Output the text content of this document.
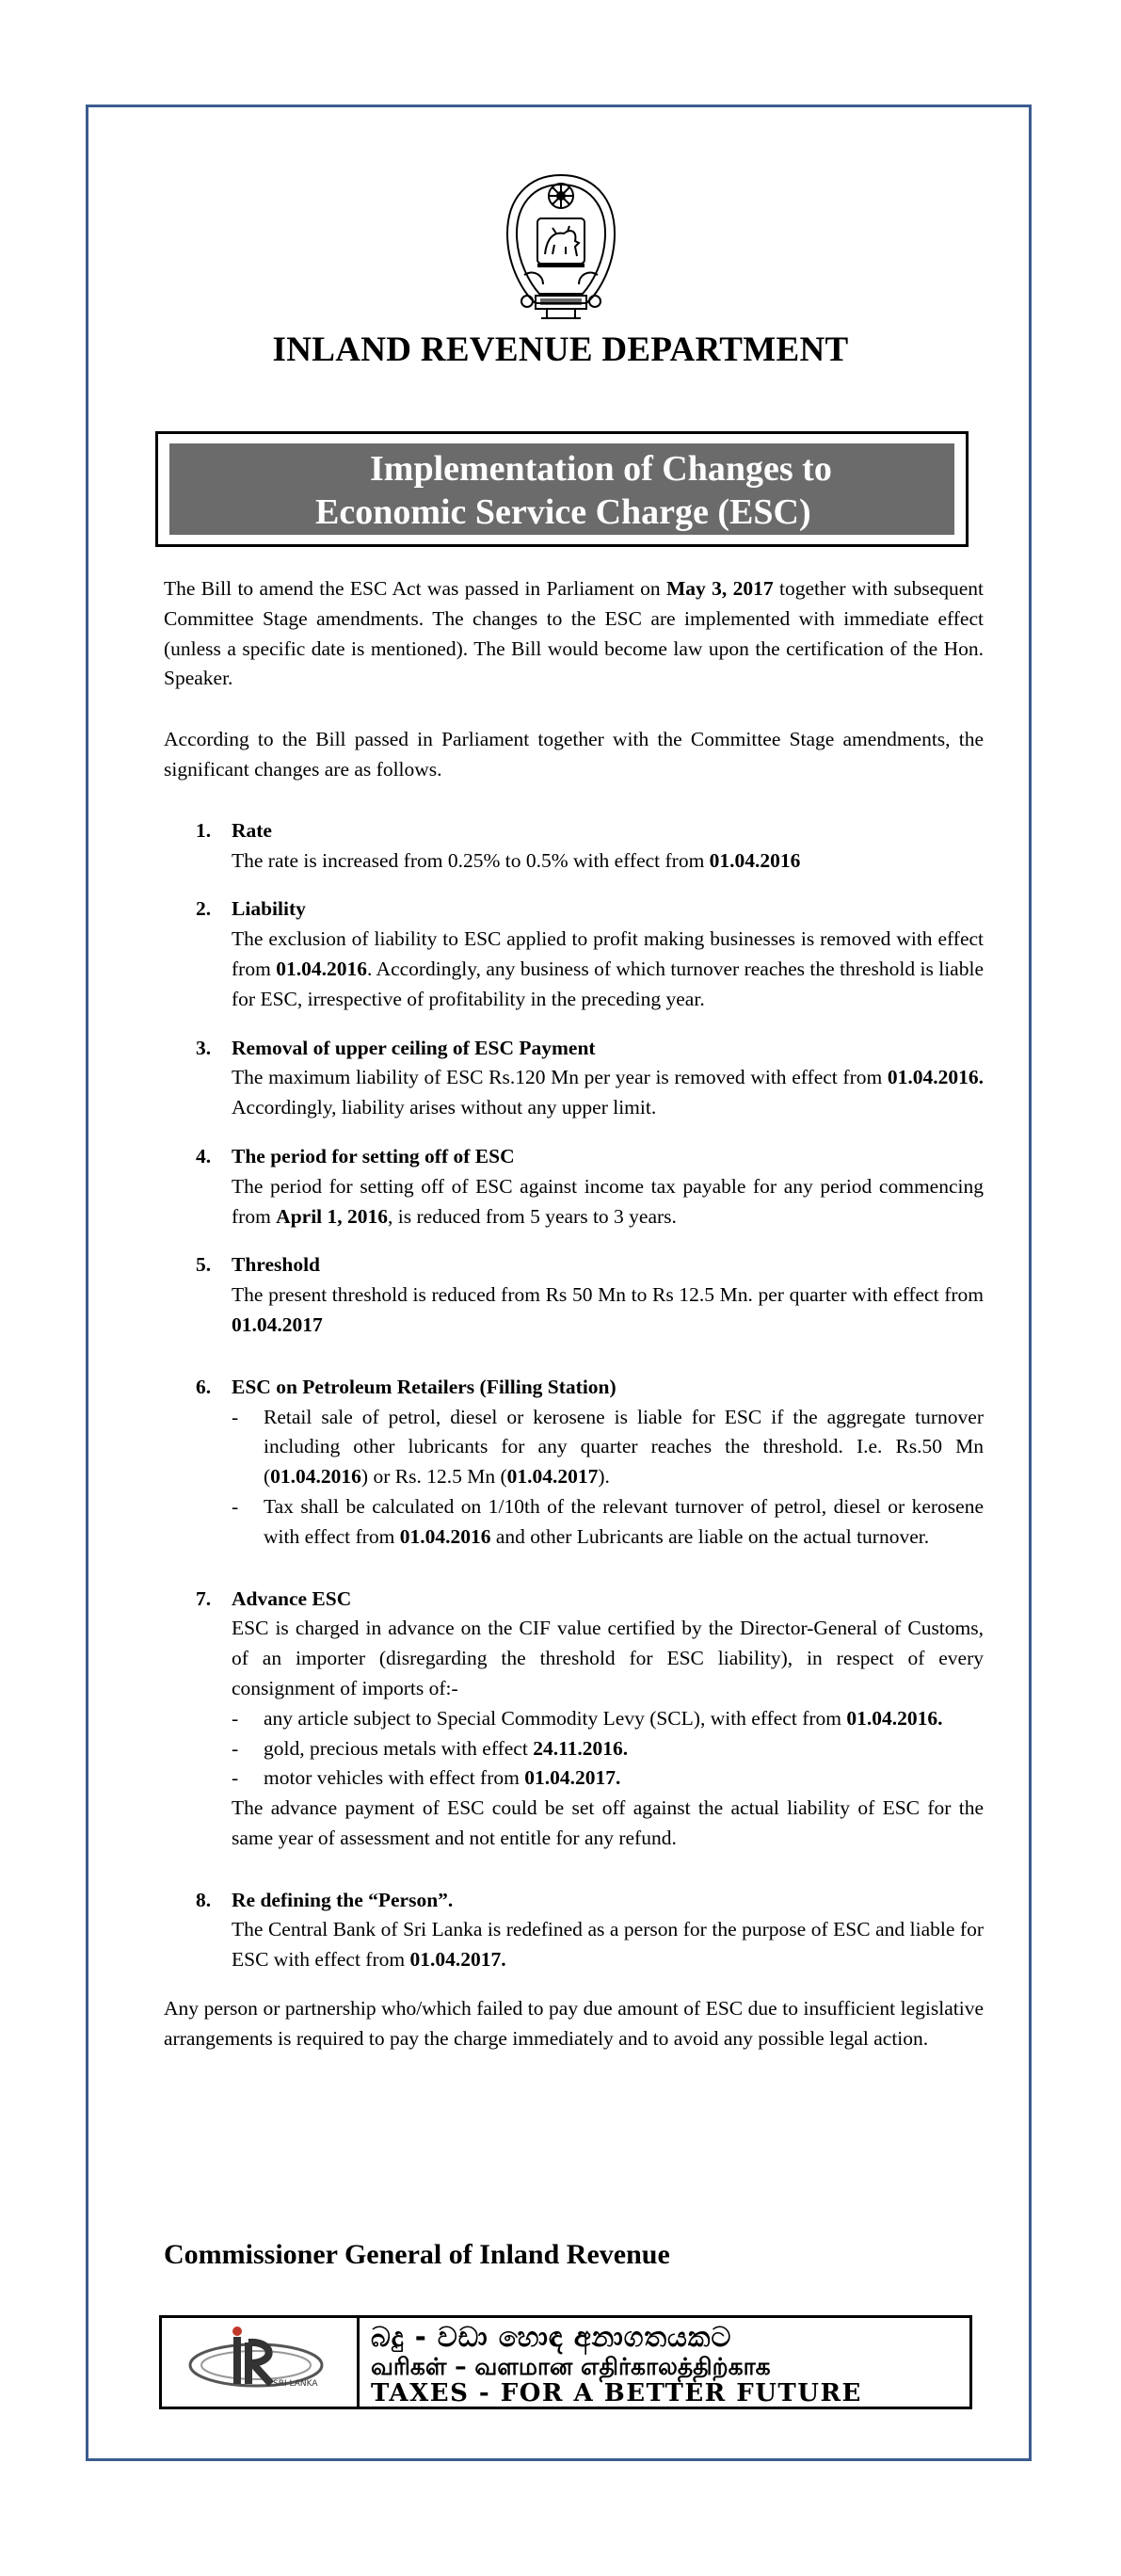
INLAND REVENUE DEPARTMENT
Implementation of Changes to
Economic Service Charge (ESC)

The Bill to amend the ESC Act was passed in Parliament on May 3, 2017 together with subsequent Committee Stage amendments. The changes to the ESC are implemented with immediate effect (unless a specific date is mentioned). The Bill would become law upon the certification of the Hon. Speaker.

According to the Bill passed in Parliament together with the Committee Stage amendments, the significant changes are as follows.

1. Rate
The rate is increased from 0.25% to 0.5% with effect from 01.04.2016
2. Liability
The exclusion of liability to ESC applied to profit making businesses is removed with effect from 01.04.2016. Accordingly, any business of which turnover reaches the threshold is liable for ESC, irrespective of profitability in the preceding year.
3. Removal of upper ceiling of ESC Payment
The maximum liability of ESC Rs.120 Mn per year is removed with effect from 01.04.2016. Accordingly, liability arises without any upper limit.
4. The period for setting off of ESC
The period for setting off of ESC against income tax payable for any period commencing from April 1, 2016, is reduced from 5 years to 3 years.
5. Threshold
The present threshold is reduced from Rs 50 Mn to Rs 12.5 Mn. per quarter with effect from 01.04.2017
6. ESC on Petroleum Retailers (Filling Station)
- Retail sale of petrol, diesel or kerosene is liable for ESC if the aggregate turnover including other lubricants for any quarter reaches the threshold. I.e. Rs.50 Mn (01.04.2016) or Rs. 12.5 Mn (01.04.2017).
- Tax shall be calculated on 1/10th of the relevant turnover of petrol, diesel or kerosene with effect from 01.04.2016 and other Lubricants are liable on the actual turnover.
7. Advance ESC
ESC is charged in advance on the CIF value certified by the Director-General of Customs, of an importer (disregarding the threshold for ESC liability), in respect of every consignment of imports of:-
- any article subject to Special Commodity Levy (SCL), with effect from 01.04.2016.
- gold, precious metals with effect 24.11.2016.
- motor vehicles with effect from 01.04.2017.
The advance payment of ESC could be set off against the actual liability of ESC for the same year of assessment and not entitle for any refund.
8. Re defining the “Person”.
The Central Bank of Sri Lanka is redefined as a person for the purpose of ESC and liable for ESC with effect from 01.04.2017.

Any person or partnership who/which failed to pay due amount of ESC due to insufficient legislative arrangements is required to pay the charge immediately and to avoid any possible legal action.

Commissioner General of Inland Revenue
SRI LANKA
බදු - වඩා හොඳ අනාගතයකට
வரிகள் – வளமான எதிர்காலத்திற்காக
TAXES - FOR A BETTER FUTURE
